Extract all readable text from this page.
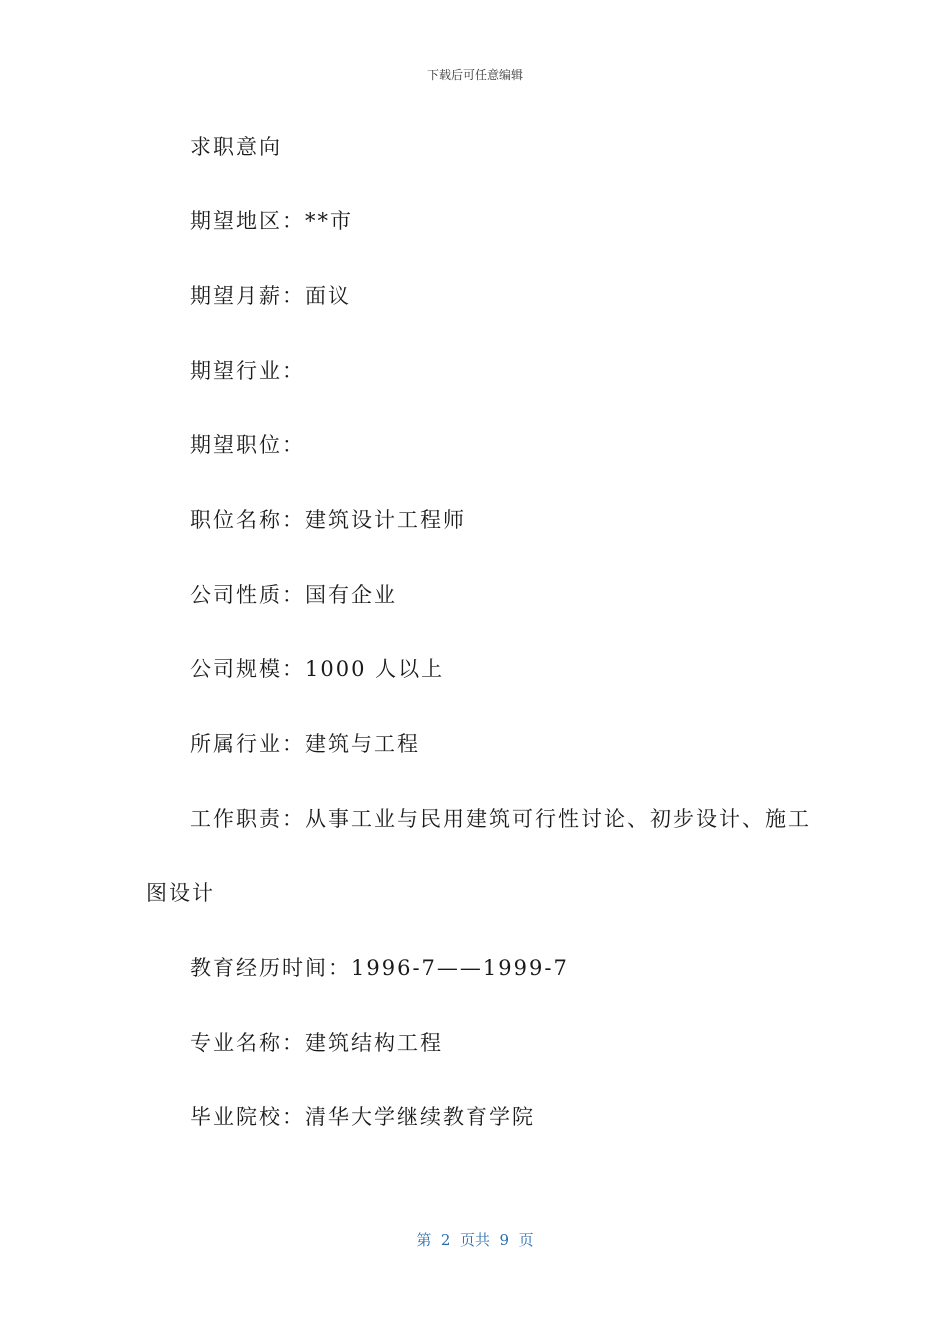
下载后可任意编辑
求职意向
期望地区：**市
期望月薪：面议
期望行业：
期望职位：
职位名称：建筑设计工程师
公司性质：国有企业
公司规模：1000 人以上
所属行业：建筑与工程
工作职责：从事工业与民用建筑可行性讨论、初步设计、施工
图设计
教育经历时间：1996-7——1999-7
专业名称：建筑结构工程
毕业院校：清华大学继续教育学院
第  2  页共  9  页
